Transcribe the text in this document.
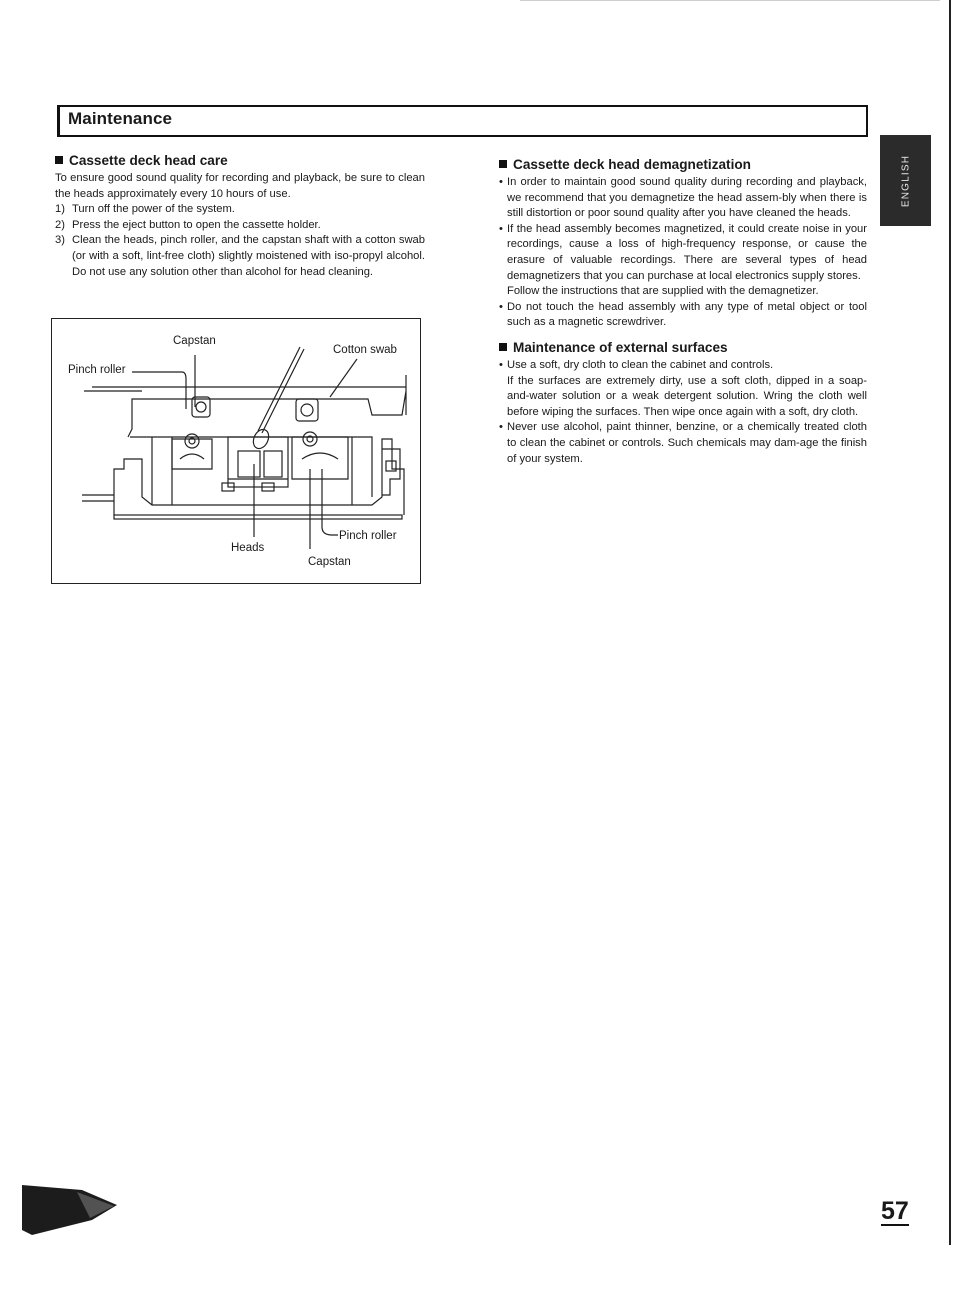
Maintenance
ENGLISH
Cassette deck head care

To ensure good sound quality for recording and playback, be sure to clean the heads approximately every 10 hours of use.

1) Turn off the power of the system.
2) Press the eject button to open the cassette holder.
3) Clean the heads, pinch roller, and the capstan shaft with a cotton swab (or with a soft, lint-free cloth) slightly moistened with iso-propyl alcohol. Do not use any solution other than alcohol for head cleaning.
Capstan
Cotton swab
Pinch roller
Pinch roller
Heads
Capstan
Cassette deck head demagnetization
• In order to maintain good sound quality during recording and playback, we recommend that you demagnetize the head assem-bly when there is still distortion or poor sound quality after you have cleaned the heads.
• If the head assembly becomes magnetized, it could create noise in your recordings, cause a loss of high-frequency response, or cause the erasure of valuable recordings. There are several types of head demagnetizers that you can purchase at local electronics supply stores.
Follow the instructions that are supplied with the demagnetizer.
• Do not touch the head assembly with any type of metal object or tool such as a magnetic screwdriver.
Maintenance of external surfaces
• Use a soft, dry cloth to clean the cabinet and controls.
If the surfaces are extremely dirty, use a soft cloth, dipped in a soap-and-water solution or a weak detergent solution. Wring the cloth well before wiping the surfaces. Then wipe once again with a soft, dry cloth.
• Never use alcohol, paint thinner, benzine, or a chemically treated cloth to clean the cabinet or controls. Such chemicals may dam-age the finish of your system.
57
